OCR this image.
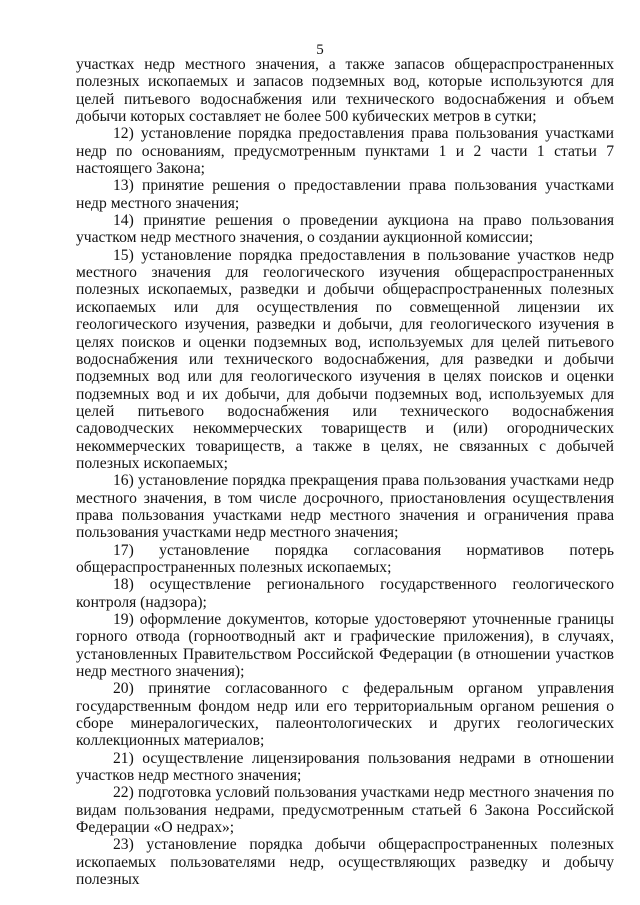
5

участках недр местного значения, а также запасов общераспространенных полезных ископаемых и запасов подземных вод, которые используются для целей питьевого водоснабжения или технического водоснабжения и объем добычи которых составляет не более 500 кубических метров в сутки;

12) установление порядка предоставления права пользования участками недр по основаниям, предусмотренным пунктами 1 и 2 части 1 статьи 7 настоящего Закона;

13) принятие решения о предоставлении права пользования участками недр местного значения;

14) принятие решения о проведении аукциона на право пользования участком недр местного значения, о создании аукционной комиссии;

15) установление порядка предоставления в пользование участков недр местного значения для геологического изучения общераспространенных полезных ископаемых, разведки и добычи общераспространенных полезных ископаемых или для осуществления по совмещенной лицензии их геологического изучения, разведки и добычи, для геологического изучения в целях поисков и оценки подземных вод, используемых для целей питьевого водоснабжения или технического водоснабжения, для разведки и добычи подземных вод или для геологического изучения в целях поисков и оценки подземных вод и их добычи, для добычи подземных вод, используемых для целей питьевого водоснабжения или технического водоснабжения садоводческих некоммерческих товариществ и (или) огороднических некоммерческих товариществ, а также в целях, не связанных с добычей полезных ископаемых;

16) установление порядка прекращения права пользования участками недр местного значения, в том числе досрочного, приостановления осуществления права пользования участками недр местного значения и ограничения права пользования участками недр местного значения;

17) установление порядка согласования нормативов потерь общераспространенных полезных ископаемых;

18) осуществление регионального государственного геологического контроля (надзора);

19) оформление документов, которые удостоверяют уточненные границы горного отвода (горноотводный акт и графические приложения), в случаях, установленных Правительством Российской Федерации (в отношении участков недр местного значения);

20) принятие согласованного с федеральным органом управления государственным фондом недр или его территориальным органом решения о сборе минералогических, палеонтологических и других геологических коллекционных материалов;

21) осуществление лицензирования пользования недрами в отношении участков недр местного значения;

22) подготовка условий пользования участками недр местного значения по видам пользования недрами, предусмотренным статьей 6 Закона Российской Федерации «О недрах»;

23) установление порядка добычи общераспространенных полезных ископаемых пользователями недр, осуществляющих разведку и добычу полезных
